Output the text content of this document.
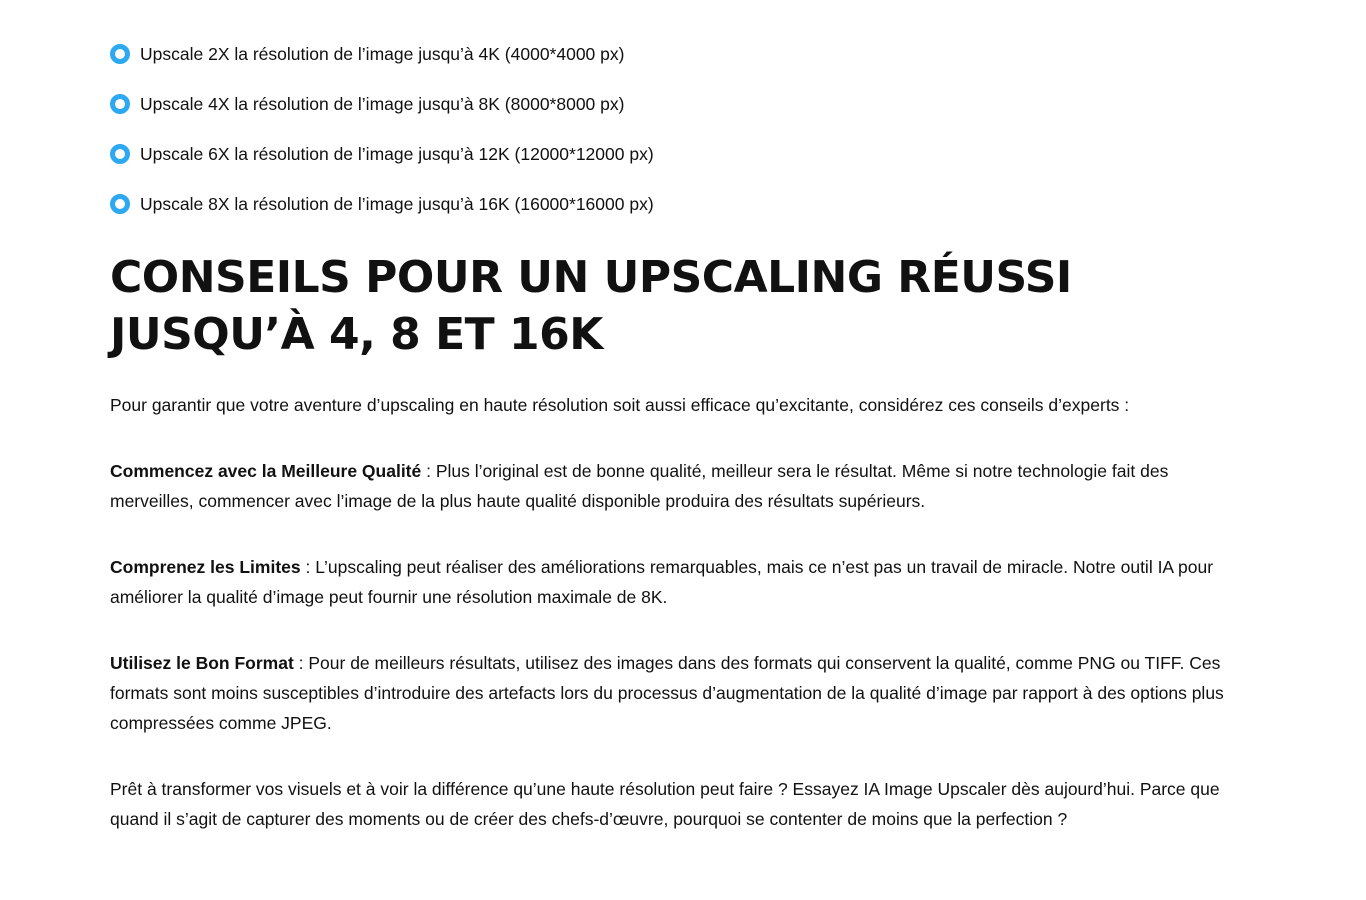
Upscale 2X la résolution de l’image jusqu’à 4K (4000*4000 px)
Upscale 4X la résolution de l’image jusqu’à 8K (8000*8000 px)
Upscale 6X la résolution de l’image jusqu’à 12K (12000*12000 px)
Upscale 8X la résolution de l’image jusqu’à 16K (16000*16000 px)
CONSEILS POUR UN UPSCALING RÉUSSI JUSQU’À 4, 8 ET 16K

Pour garantir que votre aventure d’upscaling en haute résolution soit aussi efficace qu’excitante, considérez ces conseils d’experts :

Commencez avec la Meilleure Qualité : Plus l’original est de bonne qualité, meilleur sera le résultat. Même si notre technologie fait des merveilles, commencer avec l’image de la plus haute qualité disponible produira des résultats supérieurs.

Comprenez les Limites : L’upscaling peut réaliser des améliorations remarquables, mais ce n’est pas un travail de miracle. Notre outil IA pour améliorer la qualité d’image peut fournir une résolution maximale de 8K.

Utilisez le Bon Format : Pour de meilleurs résultats, utilisez des images dans des formats qui conservent la qualité, comme PNG ou TIFF. Ces formats sont moins susceptibles d’introduire des artefacts lors du processus d’augmentation de la qualité d’image par rapport à des options plus compressées comme JPEG.

Prêt à transformer vos visuels et à voir la différence qu’une haute résolution peut faire ? Essayez IA Image Upscaler dès aujourd’hui. Parce que quand il s’agit de capturer des moments ou de créer des chefs-d’œuvre, pourquoi se contenter de moins que la perfection ?
